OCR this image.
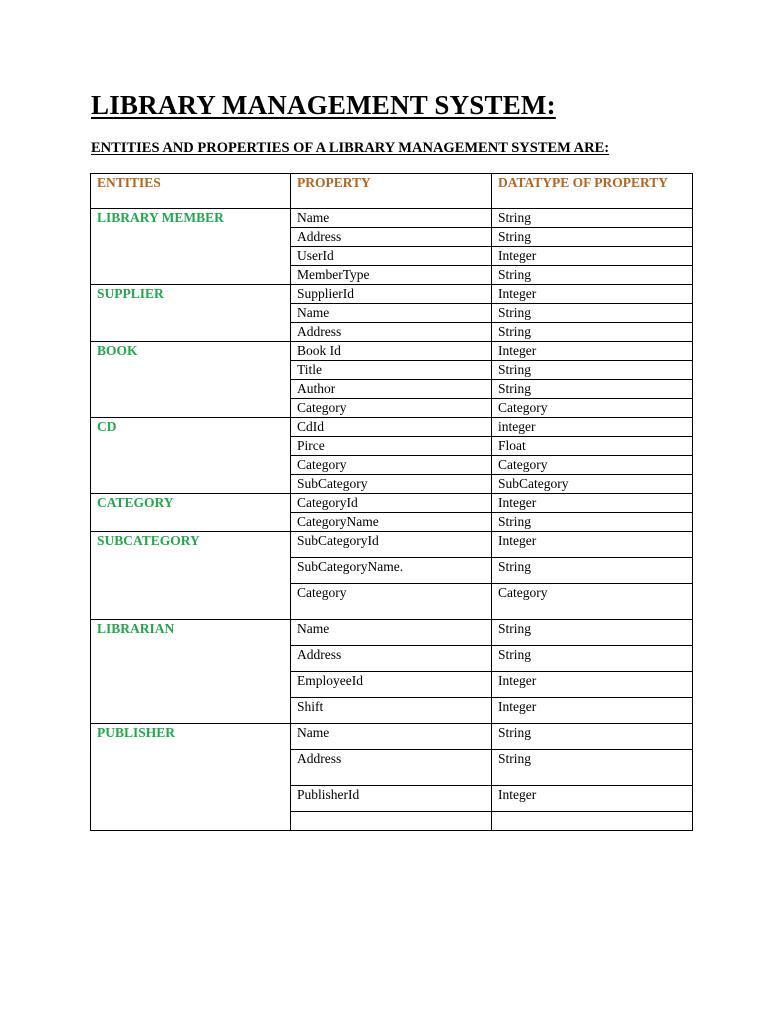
LIBRARY MANAGEMENT SYSTEM:
ENTITIES AND PROPERTIES OF A LIBRARY MANAGEMENT SYSTEM ARE:
ENTITIES	PROPERTY	DATATYPE OF PROPERTY
LIBRARY MEMBER	Name	String
	Address	String
	UserId	Integer
	MemberType	String
SUPPLIER	SupplierId	Integer
	Name	String
	Address	String
BOOK	Book Id	Integer
	Title	String
	Author	String
	Category	Category
CD	CdId	integer
	Pirce	Float
	Category	Category
	SubCategory	SubCategory
CATEGORY	CategoryId	Integer
	CategoryName	String
SUBCATEGORY	SubCategoryId	Integer
	SubCategoryName.	String
	Category	Category
LIBRARIAN	Name	String
	Address	String
	EmployeeId	Integer
	Shift	Integer
PUBLISHER	Name	String
	Address	String
	PublisherId	Integer
